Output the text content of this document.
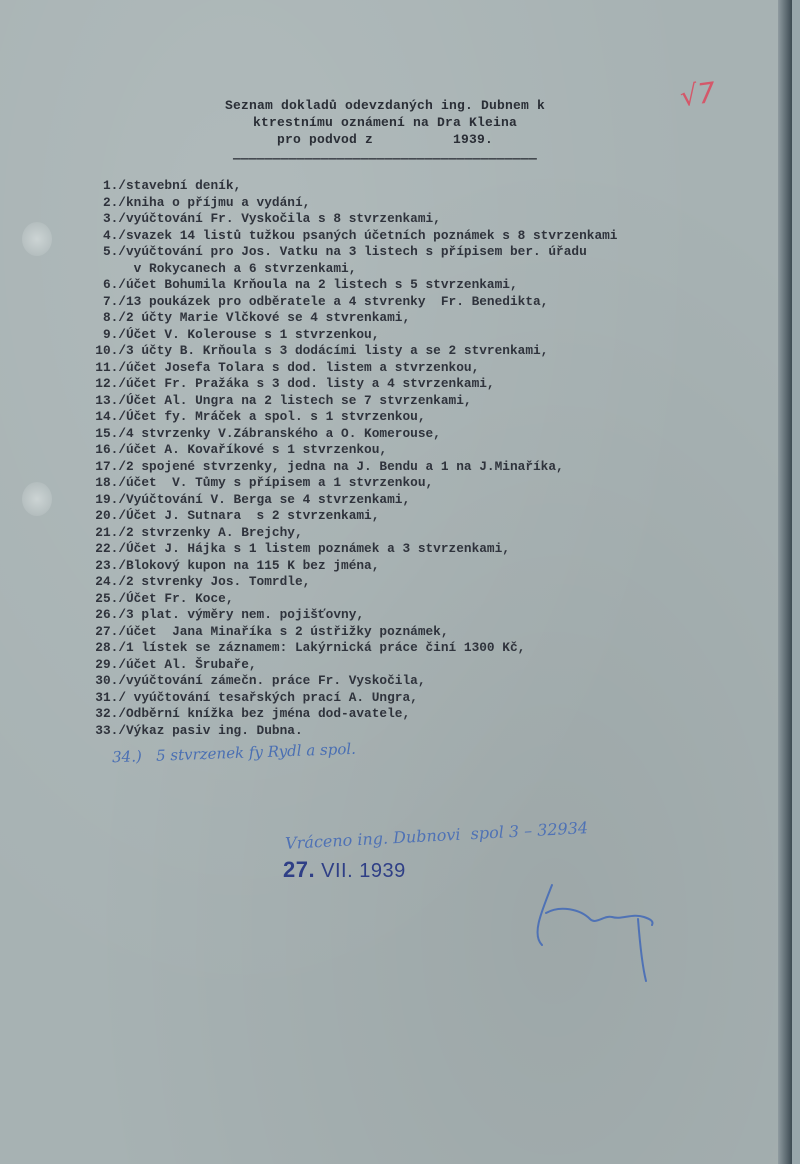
√7
Seznam dokladů odevzdaných ing. Dubnem k
ktrestnímu oznámení na Dra Kleina
pro podvod z          1939.
——————————————————————————————————————
1./ stavební deník,
2./ kniha o příjmu a vydání,
3./ vyúčtování Fr. Vyskočila s 8 stvrzenkami,
4./ svazek 14 listů tužkou psaných účetních poznámek s 8 stvrzenkami
5./ vyúčtování pro Jos. Vatku na 3 listech s přípisem ber. úřadu
v Rokycanech a 6 stvrzenkami,
6./ účet Bohumila Krňoula na 2 listech s 5 stvrzenkami,
7./ 13 poukázek pro odběratele a 4 stvrenky  Fr. Benedikta,
8./ 2 účty Marie Vlčkové se 4 stvrenkami,
9./ Účet V. Kolerouse s 1 stvrzenkou,
10./ 3 účty B. Krňoula s 3 dodácími listy a se 2 stvrenkami,
11./ účet Josefa Tolara s dod. listem a stvrzenkou,
12./ účet Fr. Pražáka s 3 dod. listy a 4 stvrzenkami,
13./ Účet Al. Ungra na 2 listech se 7 stvrzenkami,
14./ Účet fy. Mráček a spol. s 1 stvrzenkou,
15./ 4 stvrzenky V.Zábranského a O. Komerouse,
16./ účet A. Kovaříkové s 1 stvrzenkou,
17./ 2 spojené stvrzenky, jedna na J. Bendu a 1 na J.Minaříka,
18./ účet  V. Tůmy s přípisem a 1 stvrzenkou,
19./ Vyúčtování V. Berga se 4 stvrzenkami,
20./ Účet J. Sutnara  s 2 stvrzenkami,
21./ 2 stvrzenky A. Brejchy,
22./ Účet J. Hájka s 1 listem poznámek a 3 stvrzenkami,
23./ Blokový kupon na 115 K bez jména,
24./ 2 stvrenky Jos. Tomrdle,
25./ Účet Fr. Koce,
26./ 3 plat. výměry nem. pojišťovny,
27./ účet  Jana Minaříka s 2 ústřižky poznámek,
28./ 1 lístek se záznamem: Lakýrnická práce činí 1300 Kč,
29./ účet Al. Šrubaře,
30./ vyúčtování zámečn. práce Fr. Vyskočila,
31./ vyúčtování tesařských prací A. Ungra,
32./ Odběrní knížka bez jména dod-avatele,
33./ Výkaz pasiv ing. Dubna.
34.)   5 stvrzenek fy Rydl a spol.
Vráceno ing. Dubnovi  spol 3 – 32934
27. VII. 1939
